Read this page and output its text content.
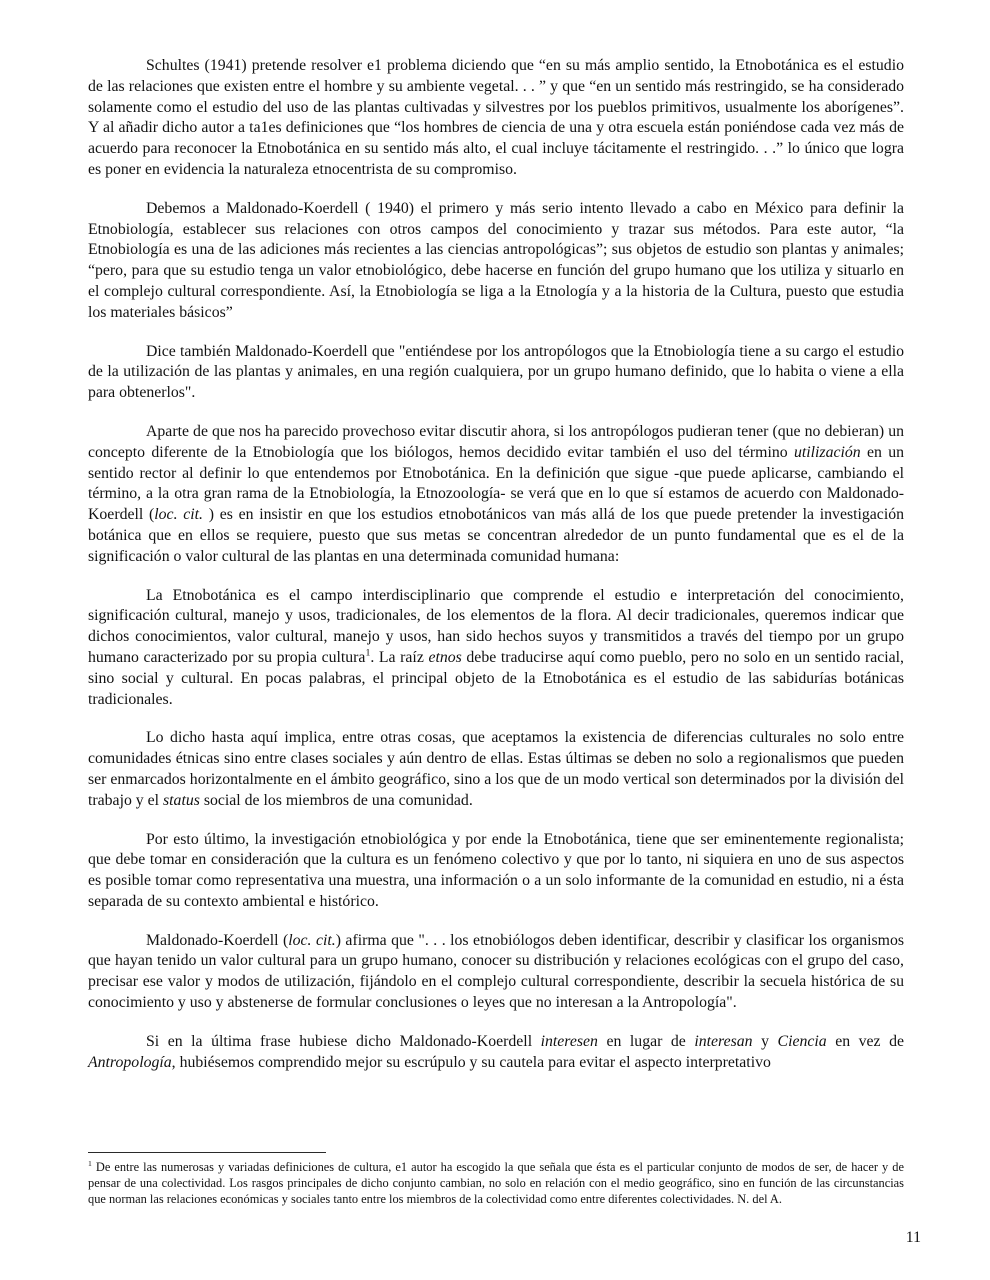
Schultes (1941) pretende resolver e1 problema diciendo que “en su más amplio sentido, la Etnobotánica es el estudio de las relaciones que existen entre el hombre y su ambiente vegetal. . . ” y que “en un sentido más restringido, se ha considerado solamente como el estudio del uso de las plantas cultivadas y silvestres por los pueblos primitivos, usualmente los aborígenes”. Y al añadir dicho autor a ta1es definiciones que “los hombres de ciencia de una y otra escuela están poniéndose cada vez más de acuerdo para reconocer la Etnobotánica en su sentido más alto, el cual incluye tácitamente el restringido. . .” lo único que logra es poner en evidencia la naturaleza etnocentrista de su compromiso.

Debemos a Maldonado-Koerdell ( 1940) el primero y más serio intento llevado a cabo en México para definir la Etnobiología, establecer sus relaciones con otros campos del conocimiento y trazar sus métodos. Para este autor, “la Etnobiología es una de las adiciones más recientes a las ciencias antropológicas”; sus objetos de estudio son plantas y animales; “pero, para que su estudio tenga un valor etnobiológico, debe hacerse en función del grupo humano que los utiliza y situarlo en el complejo cultural correspondiente. Así, la Etnobiología se liga a la Etnología y a la historia de la Cultura, puesto que estudia los materiales básicos”

Dice también Maldonado-Koerdell que "entiéndese por los antropólogos que la Etnobiología tiene a su cargo el estudio de la utilización de las plantas y animales, en una región cualquiera, por un grupo humano definido, que lo habita o viene a ella para obtenerlos".

Aparte de que nos ha parecido provechoso evitar discutir ahora, si los antropólogos pudieran tener (que no debieran) un concepto diferente de la Etnobiología que los biólogos, hemos decidido evitar también el uso del término utilización en un sentido rector al definir lo que entendemos por Etnobotánica. En la definición que sigue -que puede aplicarse, cambiando el término, a la otra gran rama de la Etnobiología, la Etnozoología- se verá que en lo que sí estamos de acuerdo con Maldonado-Koerdell (loc. cit. ) es en insistir en que los estudios etnobotánicos van más allá de los que puede pretender la investigación botánica que en ellos se requiere, puesto que sus metas se concentran alrededor de un punto fundamental que es el de la significación o valor cultural de las plantas en una determinada comunidad humana:

La Etnobotánica es el campo interdisciplinario que comprende el estudio e interpretación del conocimiento, significación cultural, manejo y usos, tradicionales, de los elementos de la flora. Al decir tradicionales, queremos indicar que dichos conocimientos, valor cultural, manejo y usos, han sido hechos suyos y transmitidos a través del tiempo por un grupo humano caracterizado por su propia cultura$^1$. La raíz etnos debe traducirse aquí como pueblo, pero no solo en un sentido racial, sino social y cultural. En pocas palabras, el principal objeto de la Etnobotánica es el estudio de las sabidurías botánicas tradicionales.

Lo dicho hasta aquí implica, entre otras cosas, que aceptamos la existencia de diferencias culturales no solo entre comunidades étnicas sino entre clases sociales y aún dentro de ellas. Estas últimas se deben no solo a regionalismos que pueden ser enmarcados horizontalmente en el ámbito geográfico, sino a los que de un modo vertical son determinados por la división del trabajo y el status social de los miembros de una comunidad.

Por esto último, la investigación etnobiológica y por ende la Etnobotánica, tiene que ser eminentemente regionalista; que debe tomar en consideración que la cultura es un fenómeno colectivo y que por lo tanto, ni siquiera en uno de sus aspectos es posible tomar como representativa una muestra, una información o a un solo informante de la comunidad en estudio, ni a ésta separada de su contexto ambiental e histórico.

Maldonado-Koerdell (loc. cit.) afirma que ". . . los etnobiólogos deben identificar, describir y clasificar los organismos que hayan tenido un valor cultural para un grupo humano, conocer su distribución y relaciones ecológicas con el grupo del caso, precisar ese valor y modos de utilización, fijándolo en el complejo cultural correspondiente, describir la secuela histórica de su conocimiento y uso y abstenerse de formular conclusiones o leyes que no interesan a la Antropología".

Si en la última frase hubiese dicho Maldonado-Koerdell interesen en lugar de interesan y Ciencia en vez de Antropología, hubiésemos comprendido mejor su escrúpulo y su cautela para evitar el aspecto interpretativo

$^1$ De entre las numerosas y variadas definiciones de cultura, e1 autor ha escogido la que señala que ésta es el particular conjunto de modos de ser, de hacer y de pensar de una colectividad. Los rasgos principales de dicho conjunto cambian, no solo en relación con el medio geográfico, sino en función de las circunstancias que norman las relaciones económicas y sociales tanto entre los miembros de la colectividad como entre diferentes colectividades. N. del A.

11
